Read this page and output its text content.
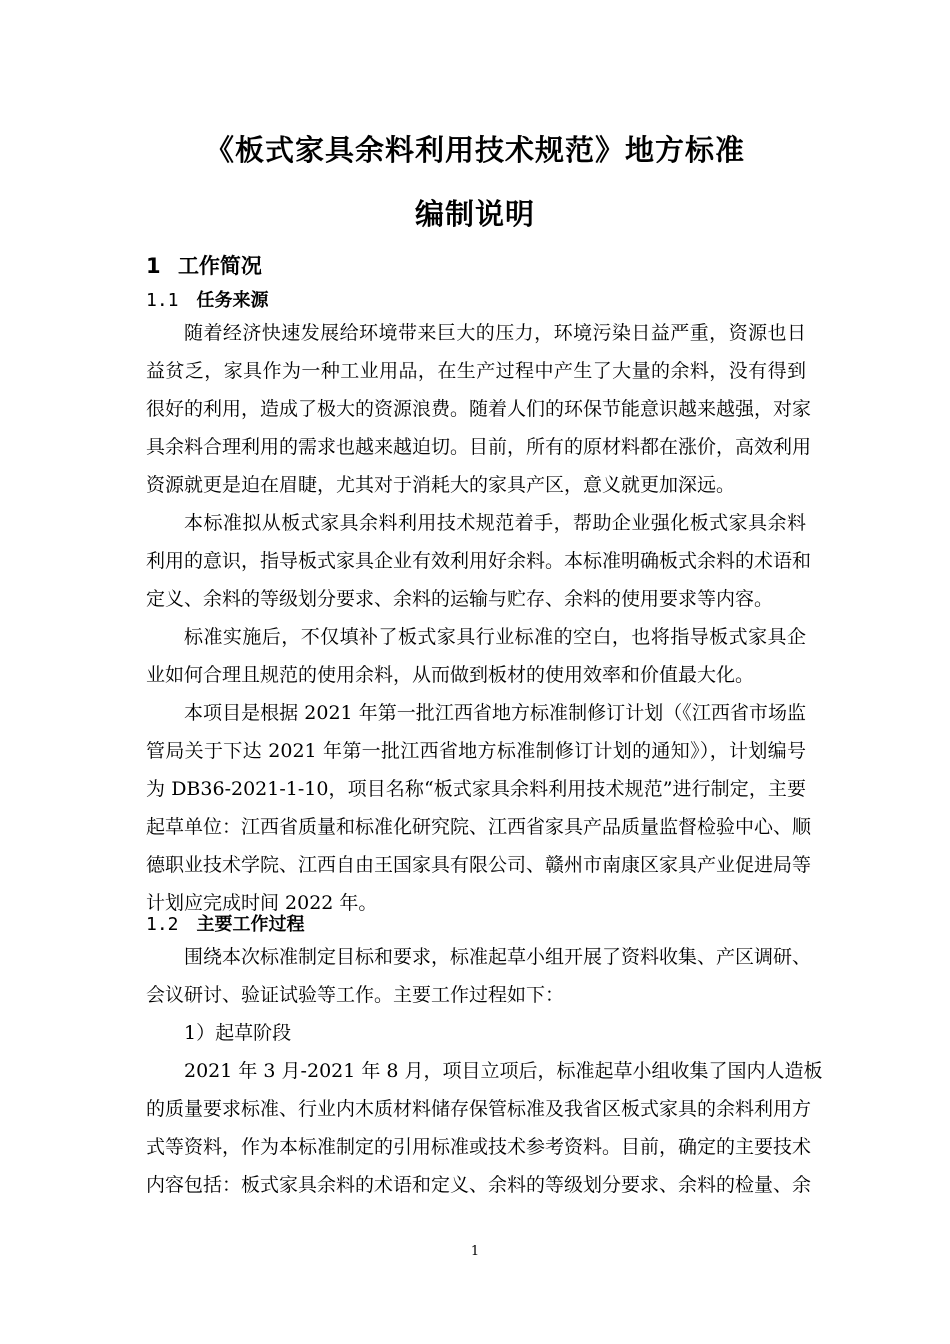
《板式家具余料利用技术规范》地方标准
编制说明
1 工作简况
1.1 任务来源
随着经济快速发展给环境带来巨大的压力，环境污染日益严重，资源也日
益贫乏，家具作为一种工业用品，在生产过程中产生了大量的余料，没有得到
很好的利用，造成了极大的资源浪费。随着人们的环保节能意识越来越强，对家
具余料合理利用的需求也越来越迫切。目前，所有的原材料都在涨价，高效利用
资源就更是迫在眉睫，尤其对于消耗大的家具产区，意义就更加深远。
本标准拟从板式家具余料利用技术规范着手，帮助企业强化板式家具余料
利用的意识，指导板式家具企业有效利用好余料。本标准明确板式余料的术语和
定义、余料的等级划分要求、余料的运输与贮存、余料的使用要求等内容。
标准实施后，不仅填补了板式家具行业标准的空白，也将指导板式家具企
业如何合理且规范的使用余料，从而做到板材的使用效率和价值最大化。
本项目是根据 2021 年第一批江西省地方标准制修订计划（《江西省市场监
管局关于下达 2021 年第一批江西省地方标准制修订计划的通知》），计划编号
为 DB36-2021-1-10，项目名称“板式家具余料利用技术规范”进行制定，主要
起草单位：江西省质量和标准化研究院、江西省家具产品质量监督检验中心、顺
德职业技术学院、江西自由王国家具有限公司、赣州市南康区家具产业促进局等
计划应完成时间 2022 年。
1.2 主要工作过程
围绕本次标准制定目标和要求，标准起草小组开展了资料收集、产区调研、
会议研讨、验证试验等工作。主要工作过程如下：
1）起草阶段
2021 年 3 月-2021 年 8 月，项目立项后，标准起草小组收集了国内人造板
的质量要求标准、行业内木质材料储存保管标准及我省区板式家具的余料利用方
式等资料，作为本标准制定的引用标准或技术参考资料。目前，确定的主要技术
内容包括：板式家具余料的术语和定义、余料的等级划分要求、余料的检量、余
1
